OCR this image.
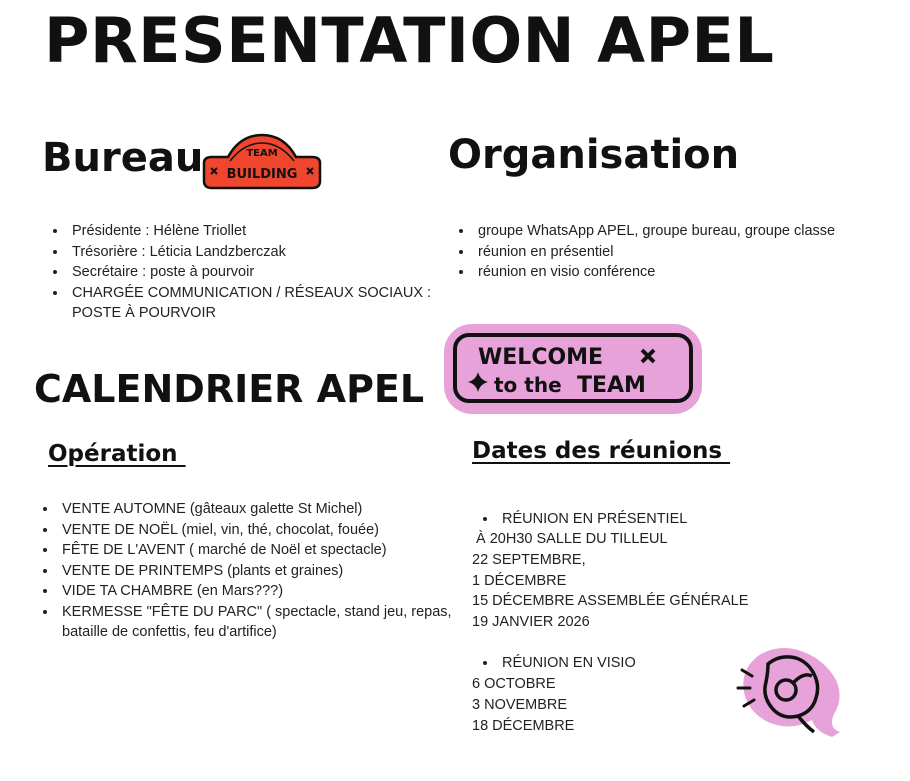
PRESENTATION APEL
Bureau	TEAM
BUILDING
• Présidente : Hélène Triollet
• Trésorière : Léticia Landzberczak
• Secrétaire : poste à pourvoir
• CHARGÉE COMMUNICATION / RÉSEAUX SOCIAUX : POSTE À POURVOIR
Organisation
• groupe WhatsApp APEL, groupe bureau, groupe classe
• réunion en présentiel
• réunion en visio conférence
WELCOME
to the TEAM
CALENDRIER APEL
Opération
• VENTE AUTOMNE (gâteaux galette St Michel)
• VENTE DE NOËL (miel, vin, thé, chocolat, fouée)
• FÊTE DE L'AVENT ( marché de Noël et spectacle)
• VENTE DE PRINTEMPS (plants et graines)
• VIDE TA CHAMBRE (en Mars???)
• KERMESSE "FÊTE DU PARC" ( spectacle, stand jeu, repas, bataille de confettis, feu d'artifice)
Dates des réunions
• RÉUNION EN PRÉSENTIEL
À 20H30 SALLE DU TILLEUL
22 SEPTEMBRE,
1 DÉCEMBRE
15 DÉCEMBRE ASSEMBLÉE GÉNÉRALE
19 JANVIER 2026
• RÉUNION EN VISIO
6 OCTOBRE
3 NOVEMBRE
18 DÉCEMBRE
